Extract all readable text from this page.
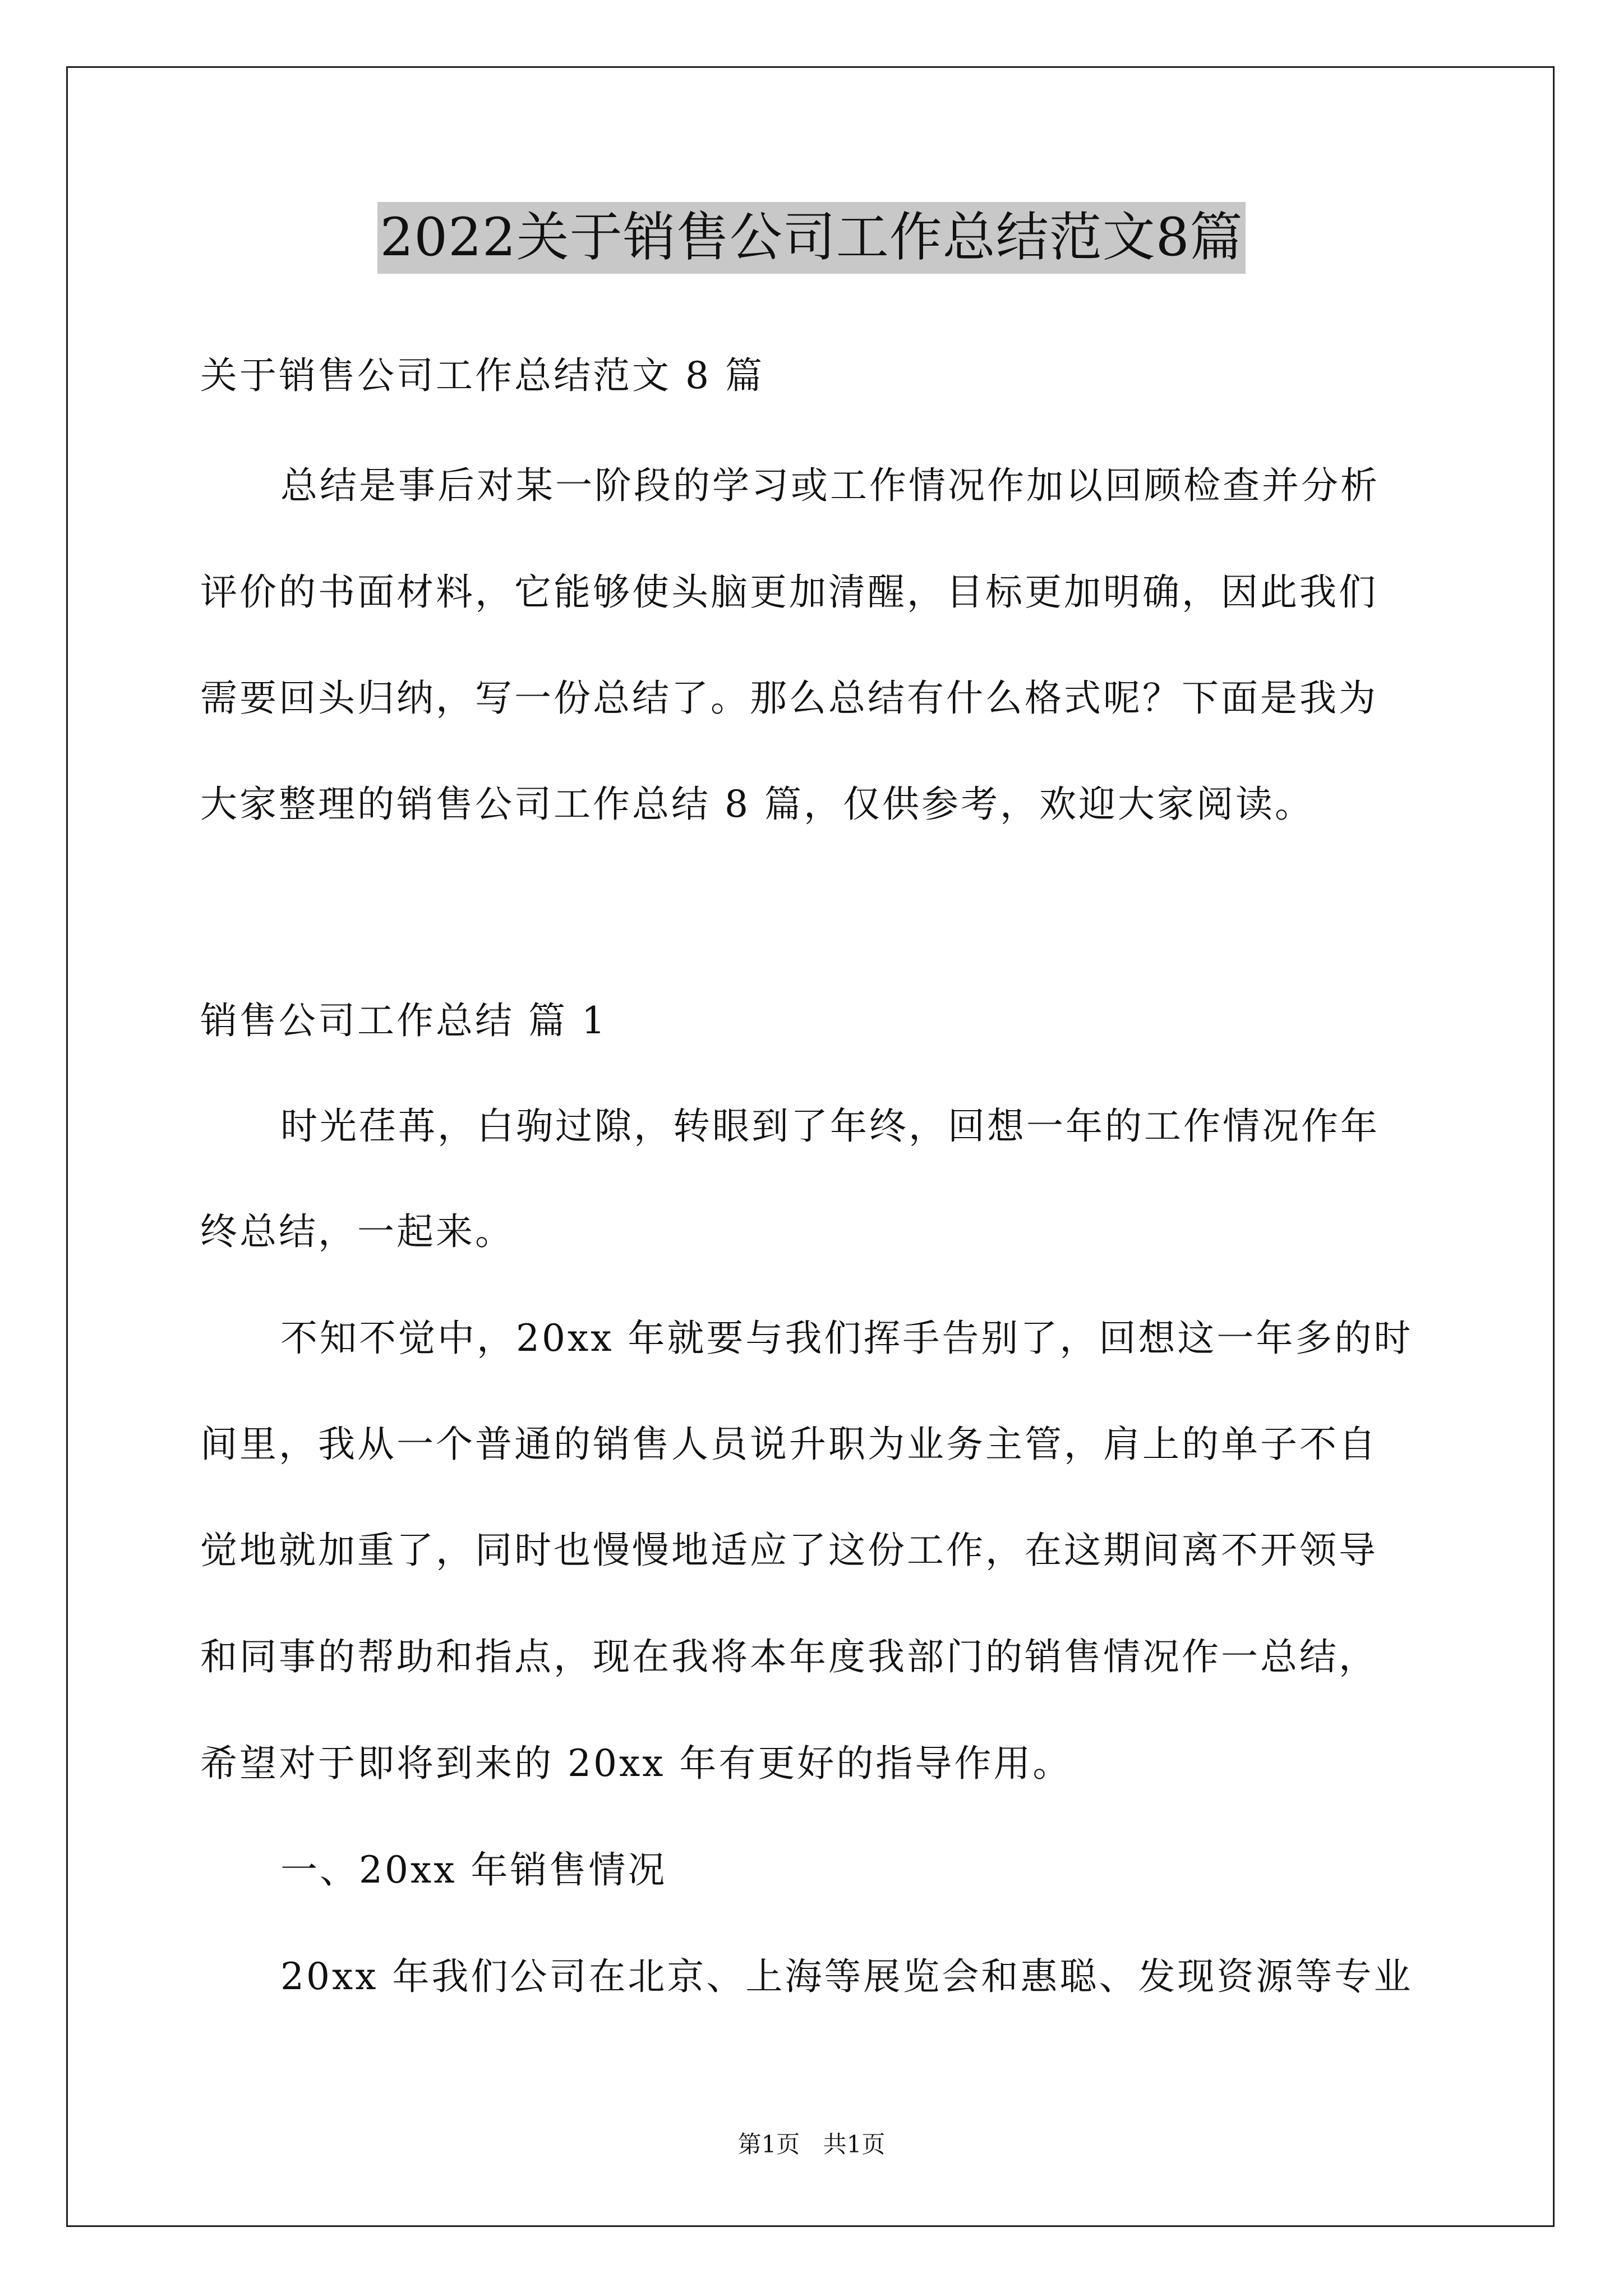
2022关于销售公司工作总结范文8篇
关于销售公司工作总结范文 8 篇
总结是事后对某一阶段的学习或工作情况作加以回顾检查并分析
评价的书面材料，它能够使头脑更加清醒，目标更加明确，因此我们
需要回头归纳，写一份总结了。那么总结有什么格式呢？下面是我为
大家整理的销售公司工作总结 8 篇，仅供参考，欢迎大家阅读。
销售公司工作总结 篇 1
时光荏苒，白驹过隙，转眼到了年终，回想一年的工作情况作年
终总结，一起来。
不知不觉中，20xx 年就要与我们挥手告别了，回想这一年多的时
间里，我从一个普通的销售人员说升职为业务主管，肩上的单子不自
觉地就加重了，同时也慢慢地适应了这份工作，在这期间离不开领导
和同事的帮助和指点，现在我将本年度我部门的销售情况作一总结，
希望对于即将到来的 20xx 年有更好的指导作用。
一、20xx 年销售情况
20xx 年我们公司在北京、上海等展览会和惠聪、发现资源等专业
第1页 共1页
